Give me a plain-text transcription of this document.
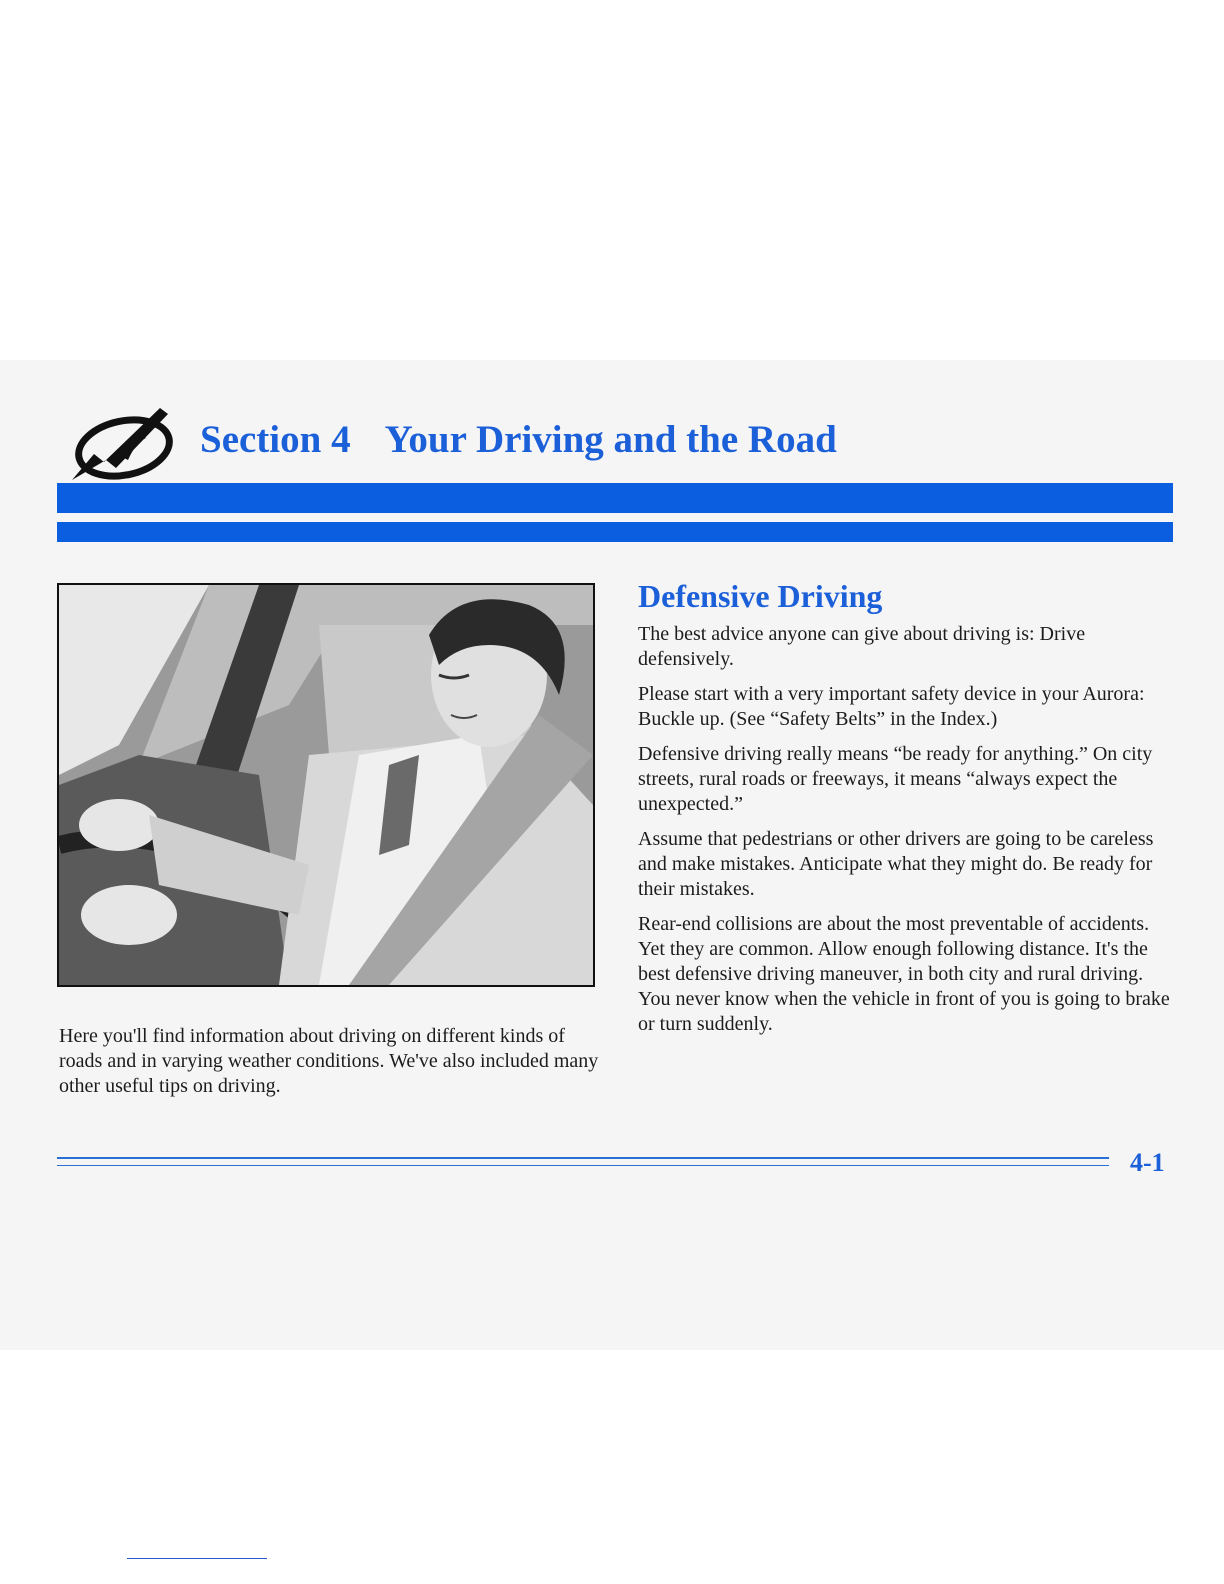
Section 4 Your Driving and the Road

Here you'll find information about driving on different kinds of roads and in varying weather conditions. We've also included many other useful tips on driving.

Defensive Driving

The best advice anyone can give about driving is: Drive defensively.

Please start with a very important safety device in your Aurora: Buckle up. (See “Safety Belts” in the Index.)

Defensive driving really means “be ready for anything.” On city streets, rural roads or freeways, it means “always expect the unexpected.”

Assume that pedestrians or other drivers are going to be careless and make mistakes. Anticipate what they might do. Be ready for their mistakes.

Rear-end collisions are about the most preventable of accidents. Yet they are common. Allow enough following distance. It's the best defensive driving maneuver, in both city and rural driving. You never know when the vehicle in front of you is going to brake or turn suddenly.

4-1
